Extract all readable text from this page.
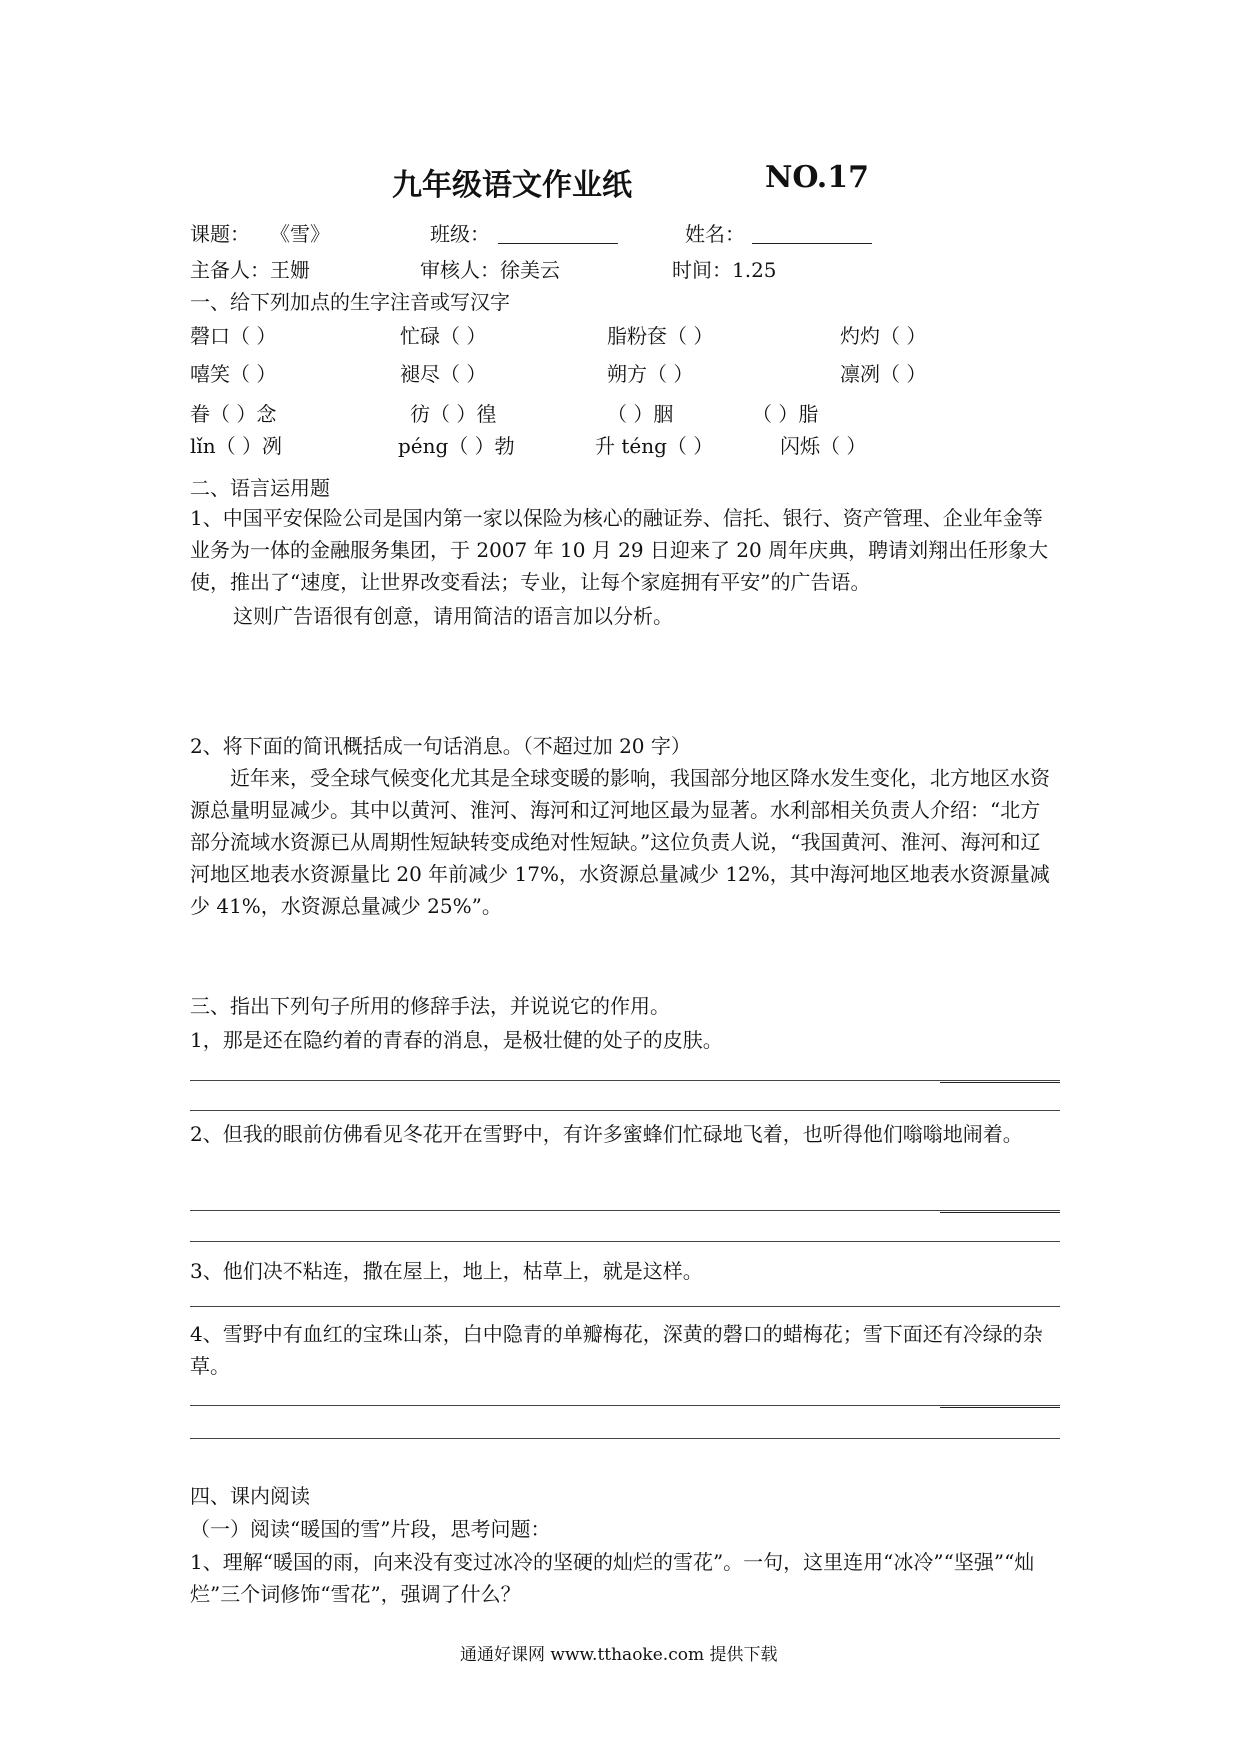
九年级语文作业纸	NO.17
课题： 《雪》	班级：	姓名：
主备人：王姗	审核人：徐美云	时间：1.25
一、给下列加点的生字注音或写汉字
磬口（ ）	忙碌（ ）	脂粉奁（ ）	灼灼（ ）
嘻笑（ ）	褪尽（ ）	朔方（ ）	凛冽（ ）
眷（ ）念	彷（ ）徨	（ ）胭	（ ）脂
lǐn（ ）冽	péng（ ）勃	升 téng（ ）	闪烁（ ）
二、语言运用题
1、中国平安保险公司是国内第一家以保险为核心的融证券、信托、银行、资产管理、企业年金等业务为一体的金融服务集团，于 2007 年 10 月 29 日迎来了 20 周年庆典，聘请刘翔出任形象大使，推出了“速度，让世界改变看法；专业，让每个家庭拥有平安”的广告语。
这则广告语很有创意，请用简洁的语言加以分析。
2、将下面的简讯概括成一句话消息。（不超过加 20 字）
近年来，受全球气候变化尤其是全球变暖的影响，我国部分地区降水发生变化，北方地区水资源总量明显减少。其中以黄河、淮河、海河和辽河地区最为显著。水利部相关负责人介绍：“北方部分流域水资源已从周期性短缺转变成绝对性短缺。”这位负责人说，“我国黄河、淮河、海河和辽河地区地表水资源量比 20 年前减少 17%，水资源总量减少 12%，其中海河地区地表水资源量减少 41%，水资源总量减少 25%”。
三、指出下列句子所用的修辞手法，并说说它的作用。
1，那是还在隐约着的青春的消息，是极壮健的处子的皮肤。
2、但我的眼前仿佛看见冬花开在雪野中，有许多蜜蜂们忙碌地飞着，也听得他们嗡嗡地闹着。
3、他们决不粘连，撒在屋上，地上，枯草上，就是这样。
4、雪野中有血红的宝珠山茶，白中隐青的单瓣梅花，深黄的磬口的蜡梅花；雪下面还有冷绿的杂草。
四、课内阅读
（一）阅读“暖国的雪”片段，思考问题：
1、理解“暖国的雨，向来没有变过冰冷的坚硬的灿烂的雪花”。一句，这里连用“冰冷”“坚强”“灿烂”三个词修饰“雪花”，强调了什么？
通通好课网 www.tthaoke.com 提供下载
